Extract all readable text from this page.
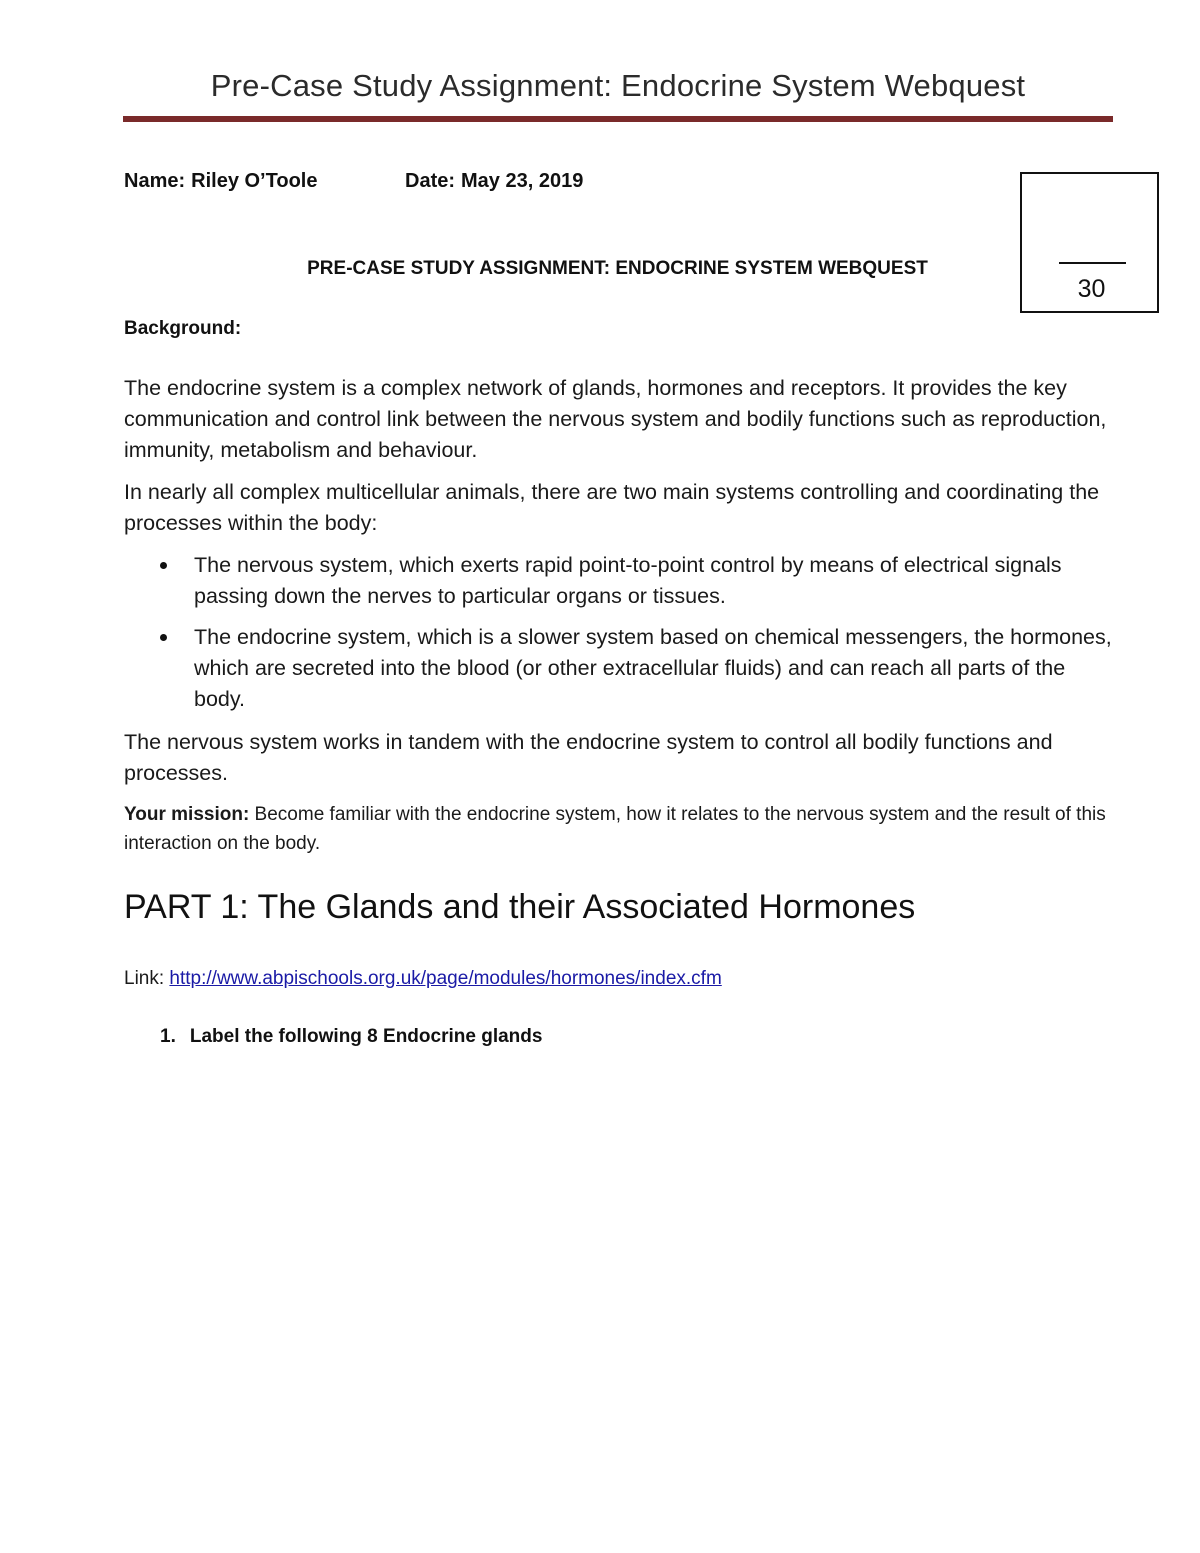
Pre-Case Study Assignment: Endocrine System Webquest
Name: Riley O’Toole	Date: May 23, 2019
30
PRE-CASE STUDY ASSIGNMENT: ENDOCRINE SYSTEM WEBQUEST
Background:

The endocrine system is a complex network of glands, hormones and receptors. It provides the key communication and control link between the nervous system and bodily functions such as reproduction, immunity, metabolism and behaviour.

In nearly all complex multicellular animals, there are two main systems controlling and coordinating the processes within the body:

The nervous system, which exerts rapid point-to-point control by means of electrical signals passing down the nerves to particular organs or tissues.
The endocrine system, which is a slower system based on chemical messengers, the hormones, which are secreted into the blood (or other extracellular fluids) and can reach all parts of the body.

The nervous system works in tandem with the endocrine system to control all bodily functions and processes.

Your mission: Become familiar with the endocrine system, how it relates to the nervous system and the result of this interaction on the body.
PART 1: The Glands and their Associated Hormones
Link: http://www.abpischools.org.uk/page/modules/hormones/index.cfm
1. Label the following 8 Endocrine glands
